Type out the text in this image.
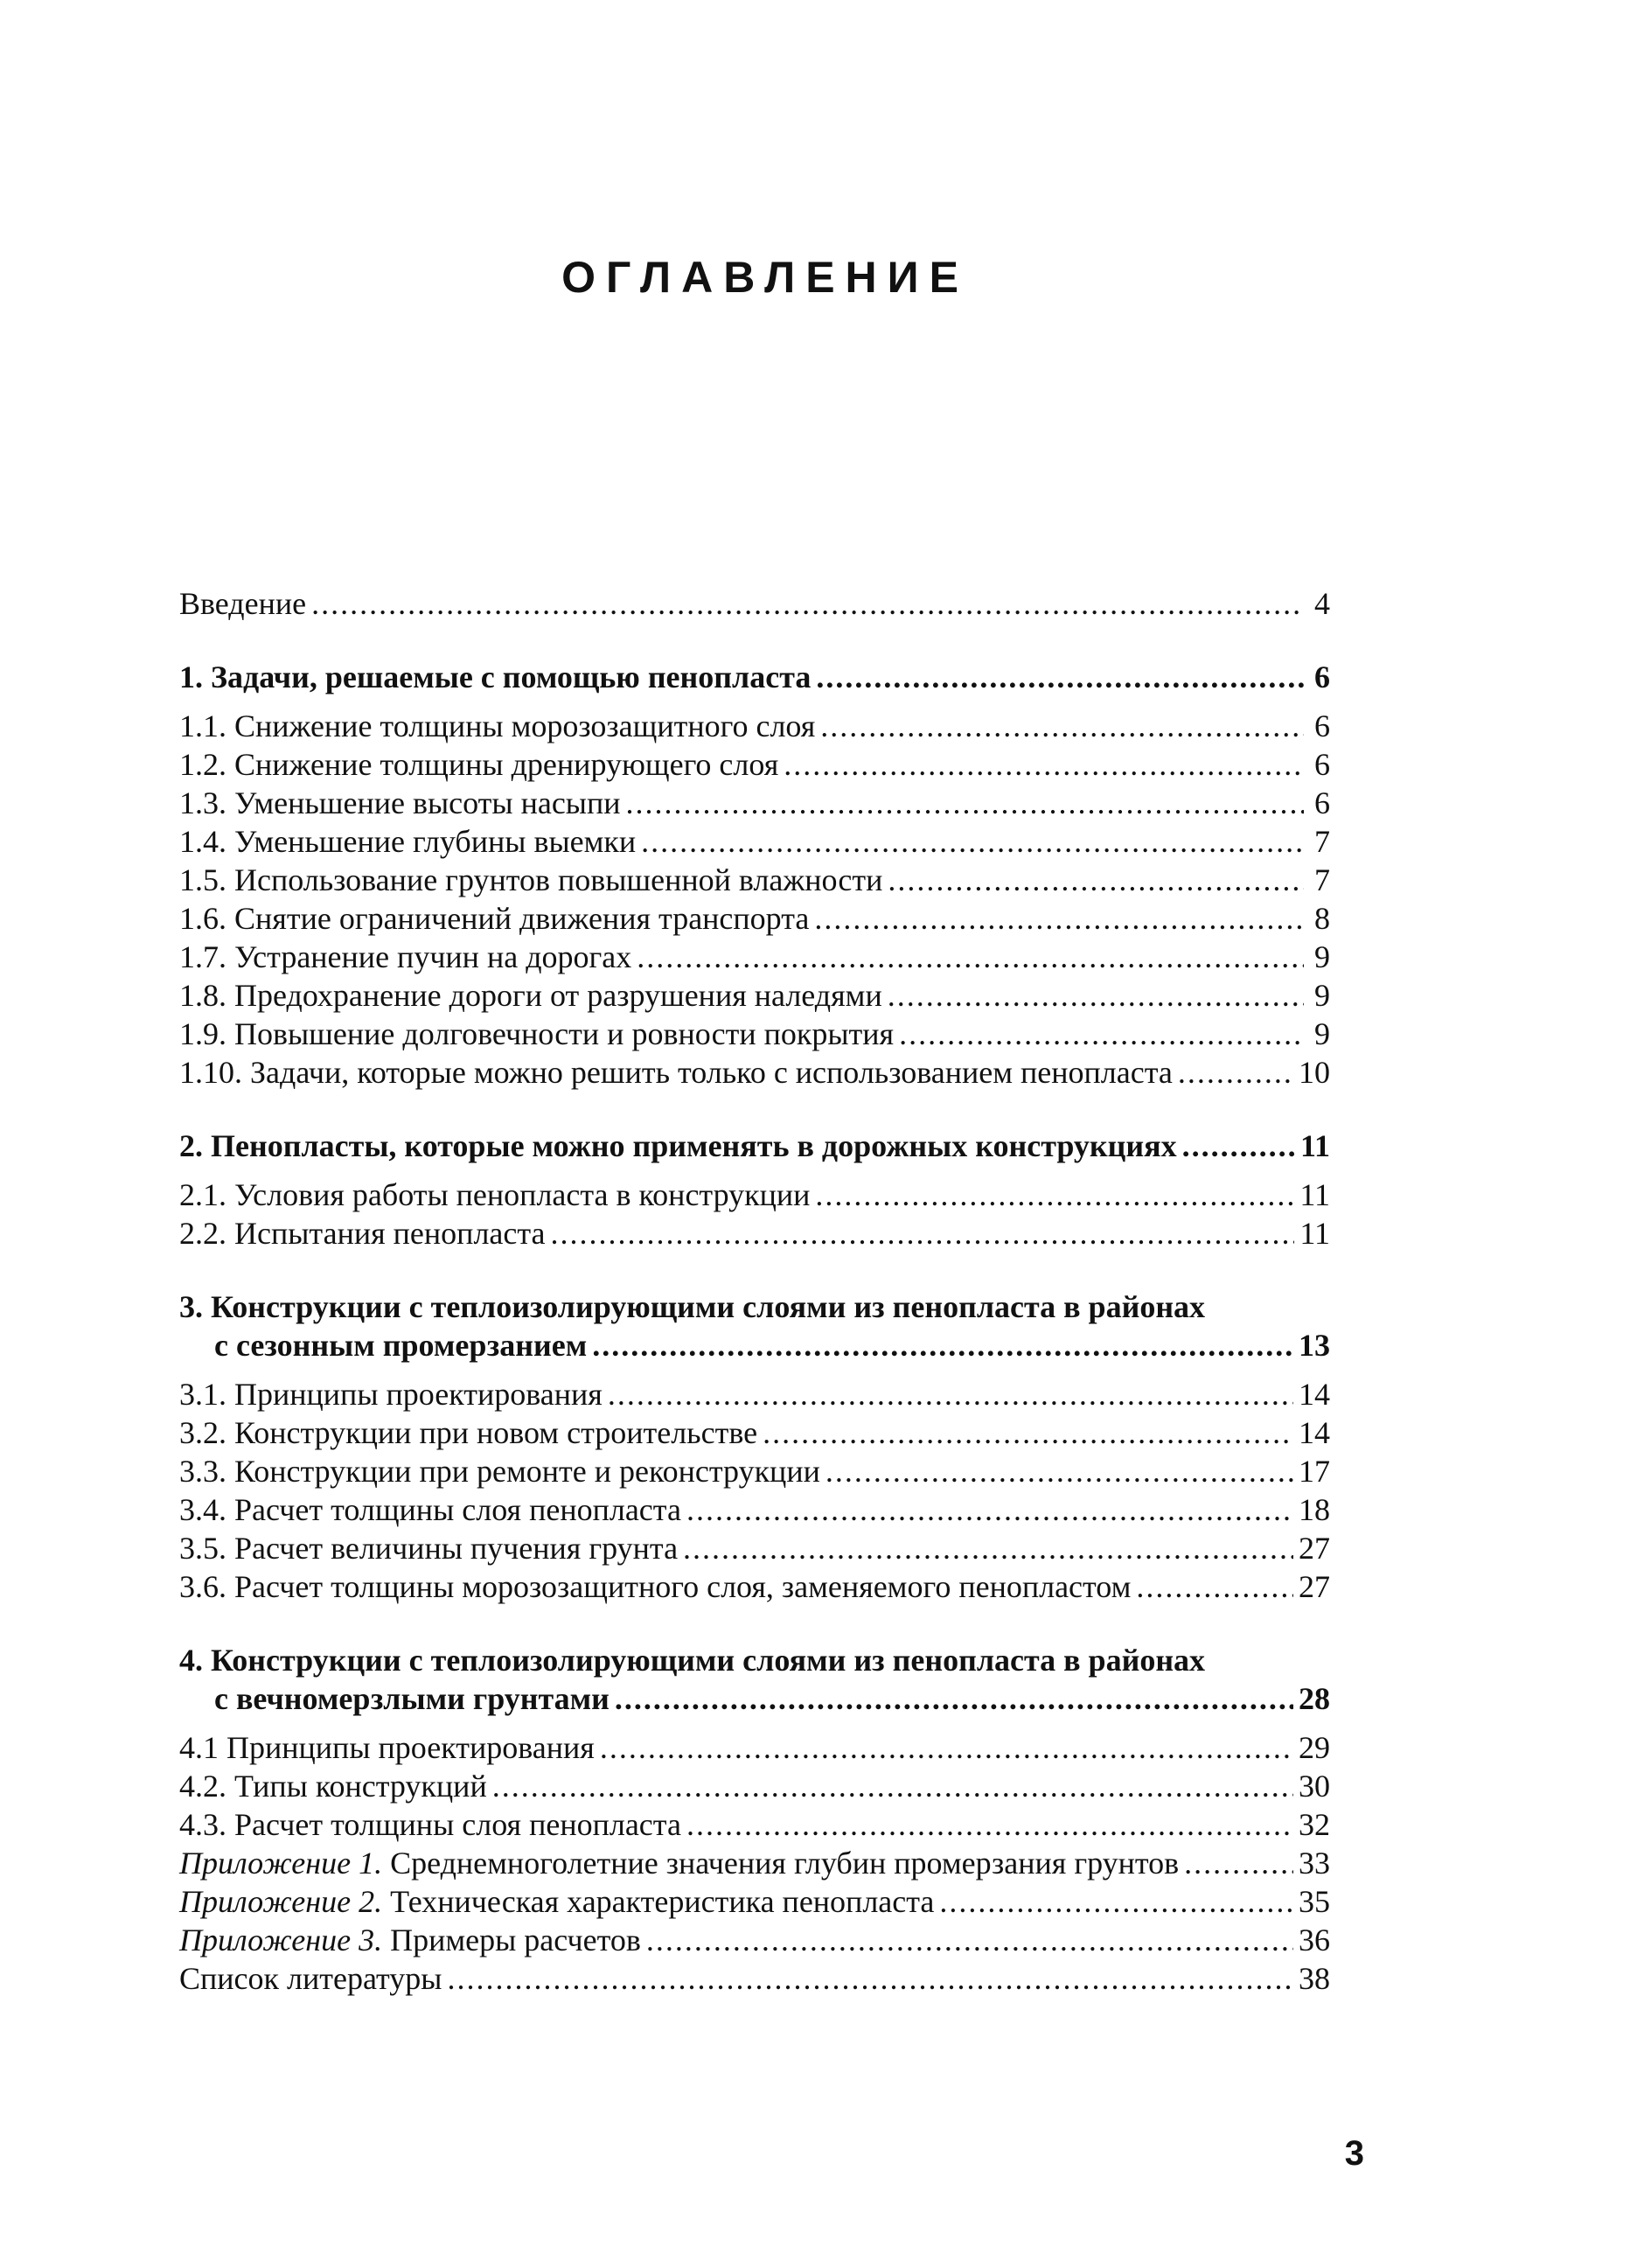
ОГЛАВЛЕНИЕ
Введение .....	4
1. Задачи, решаемые с помощью пенопласта .....	6
1.1. Снижение толщины морозозащитного слоя .....	6
1.2. Снижение толщины дренирующего слоя .....	6
1.3. Уменьшение высоты насыпи .....	6
1.4. Уменьшение глубины выемки .....	7
1.5. Использование грунтов повышенной влажности .....	7
1.6. Снятие ограничений движения транспорта .....	8
1.7. Устранение пучин на дорогах .....	9
1.8. Предохранение дороги от разрушения наледями .....	9
1.9. Повышение долговечности и ровности покрытия .....	9
1.10. Задачи, которые можно решить только с использованием пенопласта .....	10
2. Пенопласты, которые можно применять в дорожных конструкциях .....	11
2.1. Условия работы пенопласта в конструкции .....	11
2.2. Испытания пенопласта .....	11
3. Конструкции с теплоизолирующими слоями из пенопласта в районах
с сезонным промерзанием .....	13
3.1. Принципы проектирования .....	14
3.2. Конструкции при новом строительстве .....	14
3.3. Конструкции при ремонте и реконструкции .....	17
3.4. Расчет толщины слоя пенопласта .....	18
3.5. Расчет величины пучения грунта .....	27
3.6. Расчет толщины морозозащитного слоя, заменяемого пенопластом .....	27
4. Конструкции с теплоизолирующими слоями из пенопласта в районах
с вечномерзлыми грунтами .....	28
4.1 Принципы проектирования .....	29
4.2. Типы конструкций .....	30
4.3. Расчет толщины слоя пенопласта .....	32
Приложение 1. Среднемноголетние значения глубин промерзания грунтов .....	33
Приложение 2. Техническая характеристика пенопласта .....	35
Приложение 3. Примеры расчетов .....	36
Список литературы .....	38
3
